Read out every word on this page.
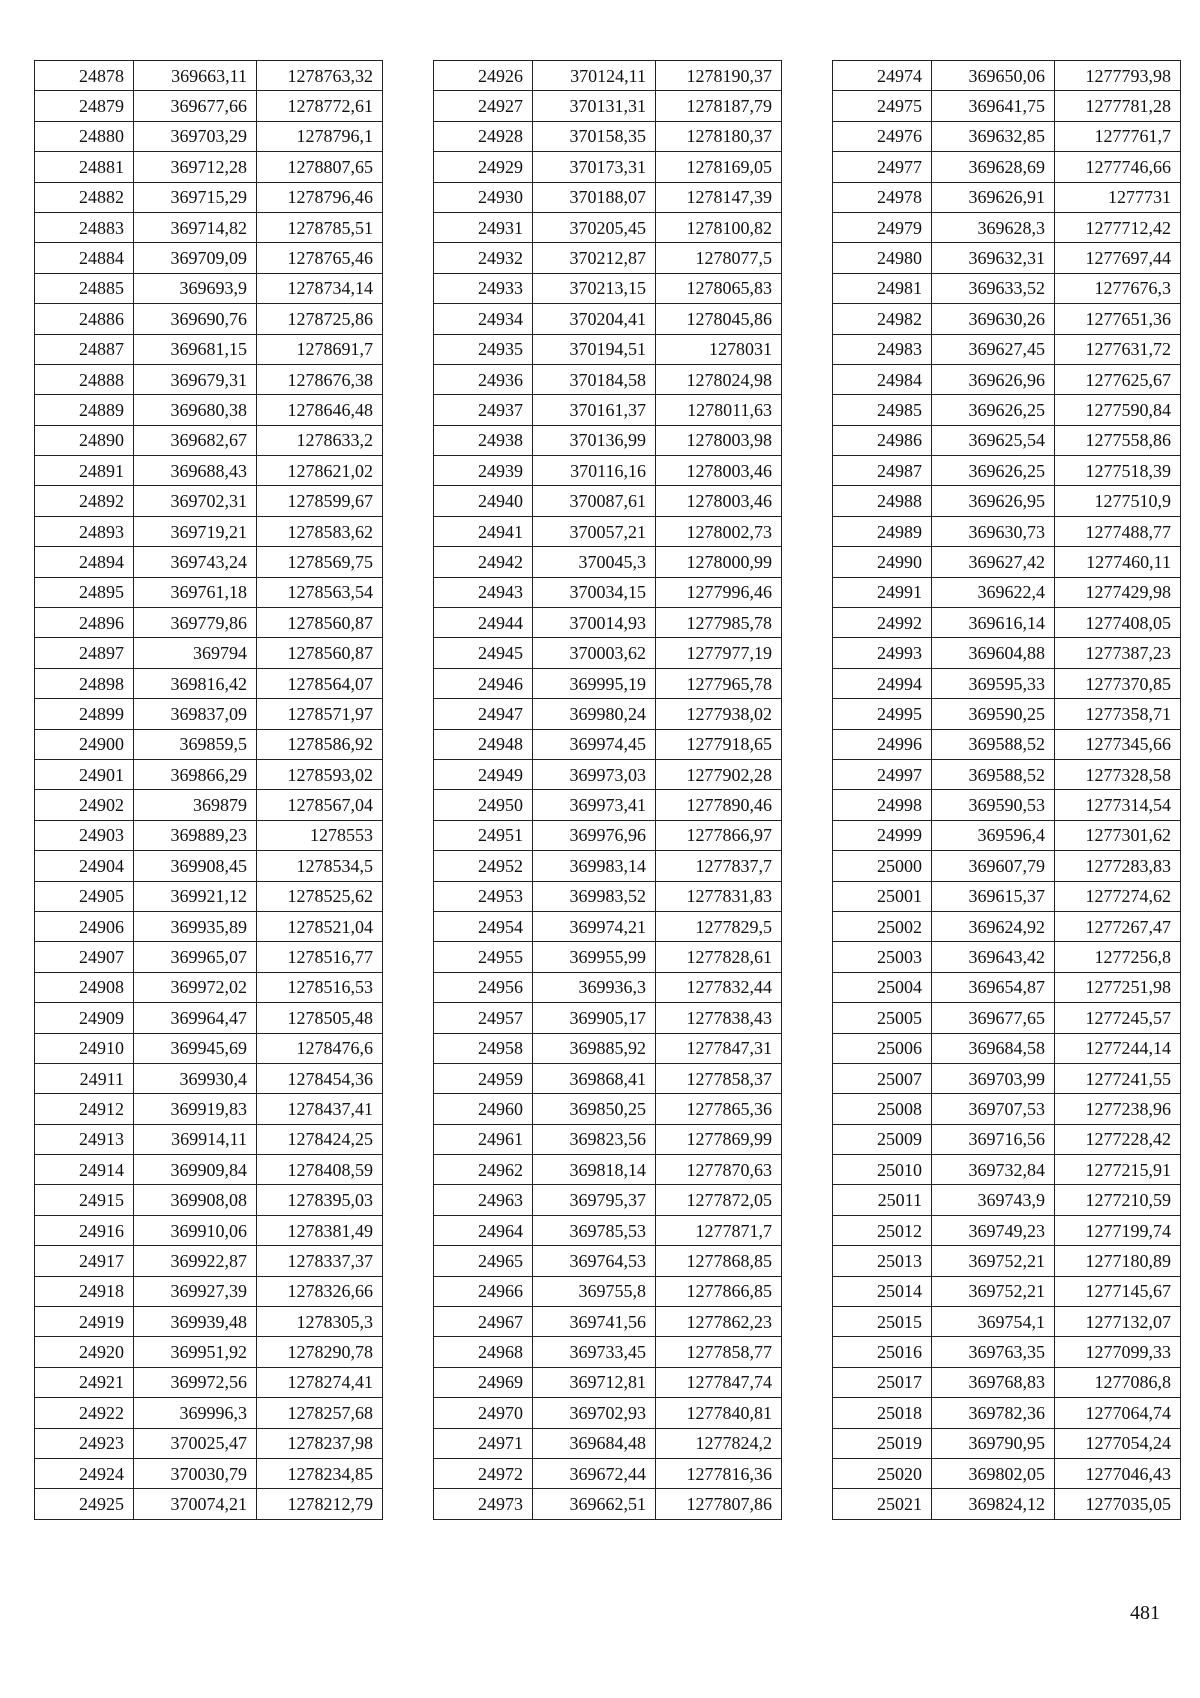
24878	369663,11	1278763,32
24879	369677,66	1278772,61
24880	369703,29	1278796,1
24881	369712,28	1278807,65
24882	369715,29	1278796,46
24883	369714,82	1278785,51
24884	369709,09	1278765,46
24885	369693,9	1278734,14
24886	369690,76	1278725,86
24887	369681,15	1278691,7
24888	369679,31	1278676,38
24889	369680,38	1278646,48
24890	369682,67	1278633,2
24891	369688,43	1278621,02
24892	369702,31	1278599,67
24893	369719,21	1278583,62
24894	369743,24	1278569,75
24895	369761,18	1278563,54
24896	369779,86	1278560,87
24897	369794	1278560,87
24898	369816,42	1278564,07
24899	369837,09	1278571,97
24900	369859,5	1278586,92
24901	369866,29	1278593,02
24902	369879	1278567,04
24903	369889,23	1278553
24904	369908,45	1278534,5
24905	369921,12	1278525,62
24906	369935,89	1278521,04
24907	369965,07	1278516,77
24908	369972,02	1278516,53
24909	369964,47	1278505,48
24910	369945,69	1278476,6
24911	369930,4	1278454,36
24912	369919,83	1278437,41
24913	369914,11	1278424,25
24914	369909,84	1278408,59
24915	369908,08	1278395,03
24916	369910,06	1278381,49
24917	369922,87	1278337,37
24918	369927,39	1278326,66
24919	369939,48	1278305,3
24920	369951,92	1278290,78
24921	369972,56	1278274,41
24922	369996,3	1278257,68
24923	370025,47	1278237,98
24924	370030,79	1278234,85
24925	370074,21	1278212,79
24926	370124,11	1278190,37
24927	370131,31	1278187,79
24928	370158,35	1278180,37
24929	370173,31	1278169,05
24930	370188,07	1278147,39
24931	370205,45	1278100,82
24932	370212,87	1278077,5
24933	370213,15	1278065,83
24934	370204,41	1278045,86
24935	370194,51	1278031
24936	370184,58	1278024,98
24937	370161,37	1278011,63
24938	370136,99	1278003,98
24939	370116,16	1278003,46
24940	370087,61	1278003,46
24941	370057,21	1278002,73
24942	370045,3	1278000,99
24943	370034,15	1277996,46
24944	370014,93	1277985,78
24945	370003,62	1277977,19
24946	369995,19	1277965,78
24947	369980,24	1277938,02
24948	369974,45	1277918,65
24949	369973,03	1277902,28
24950	369973,41	1277890,46
24951	369976,96	1277866,97
24952	369983,14	1277837,7
24953	369983,52	1277831,83
24954	369974,21	1277829,5
24955	369955,99	1277828,61
24956	369936,3	1277832,44
24957	369905,17	1277838,43
24958	369885,92	1277847,31
24959	369868,41	1277858,37
24960	369850,25	1277865,36
24961	369823,56	1277869,99
24962	369818,14	1277870,63
24963	369795,37	1277872,05
24964	369785,53	1277871,7
24965	369764,53	1277868,85
24966	369755,8	1277866,85
24967	369741,56	1277862,23
24968	369733,45	1277858,77
24969	369712,81	1277847,74
24970	369702,93	1277840,81
24971	369684,48	1277824,2
24972	369672,44	1277816,36
24973	369662,51	1277807,86
24974	369650,06	1277793,98
24975	369641,75	1277781,28
24976	369632,85	1277761,7
24977	369628,69	1277746,66
24978	369626,91	1277731
24979	369628,3	1277712,42
24980	369632,31	1277697,44
24981	369633,52	1277676,3
24982	369630,26	1277651,36
24983	369627,45	1277631,72
24984	369626,96	1277625,67
24985	369626,25	1277590,84
24986	369625,54	1277558,86
24987	369626,25	1277518,39
24988	369626,95	1277510,9
24989	369630,73	1277488,77
24990	369627,42	1277460,11
24991	369622,4	1277429,98
24992	369616,14	1277408,05
24993	369604,88	1277387,23
24994	369595,33	1277370,85
24995	369590,25	1277358,71
24996	369588,52	1277345,66
24997	369588,52	1277328,58
24998	369590,53	1277314,54
24999	369596,4	1277301,62
25000	369607,79	1277283,83
25001	369615,37	1277274,62
25002	369624,92	1277267,47
25003	369643,42	1277256,8
25004	369654,87	1277251,98
25005	369677,65	1277245,57
25006	369684,58	1277244,14
25007	369703,99	1277241,55
25008	369707,53	1277238,96
25009	369716,56	1277228,42
25010	369732,84	1277215,91
25011	369743,9	1277210,59
25012	369749,23	1277199,74
25013	369752,21	1277180,89
25014	369752,21	1277145,67
25015	369754,1	1277132,07
25016	369763,35	1277099,33
25017	369768,83	1277086,8
25018	369782,36	1277064,74
25019	369790,95	1277054,24
25020	369802,05	1277046,43
25021	369824,12	1277035,05
481
